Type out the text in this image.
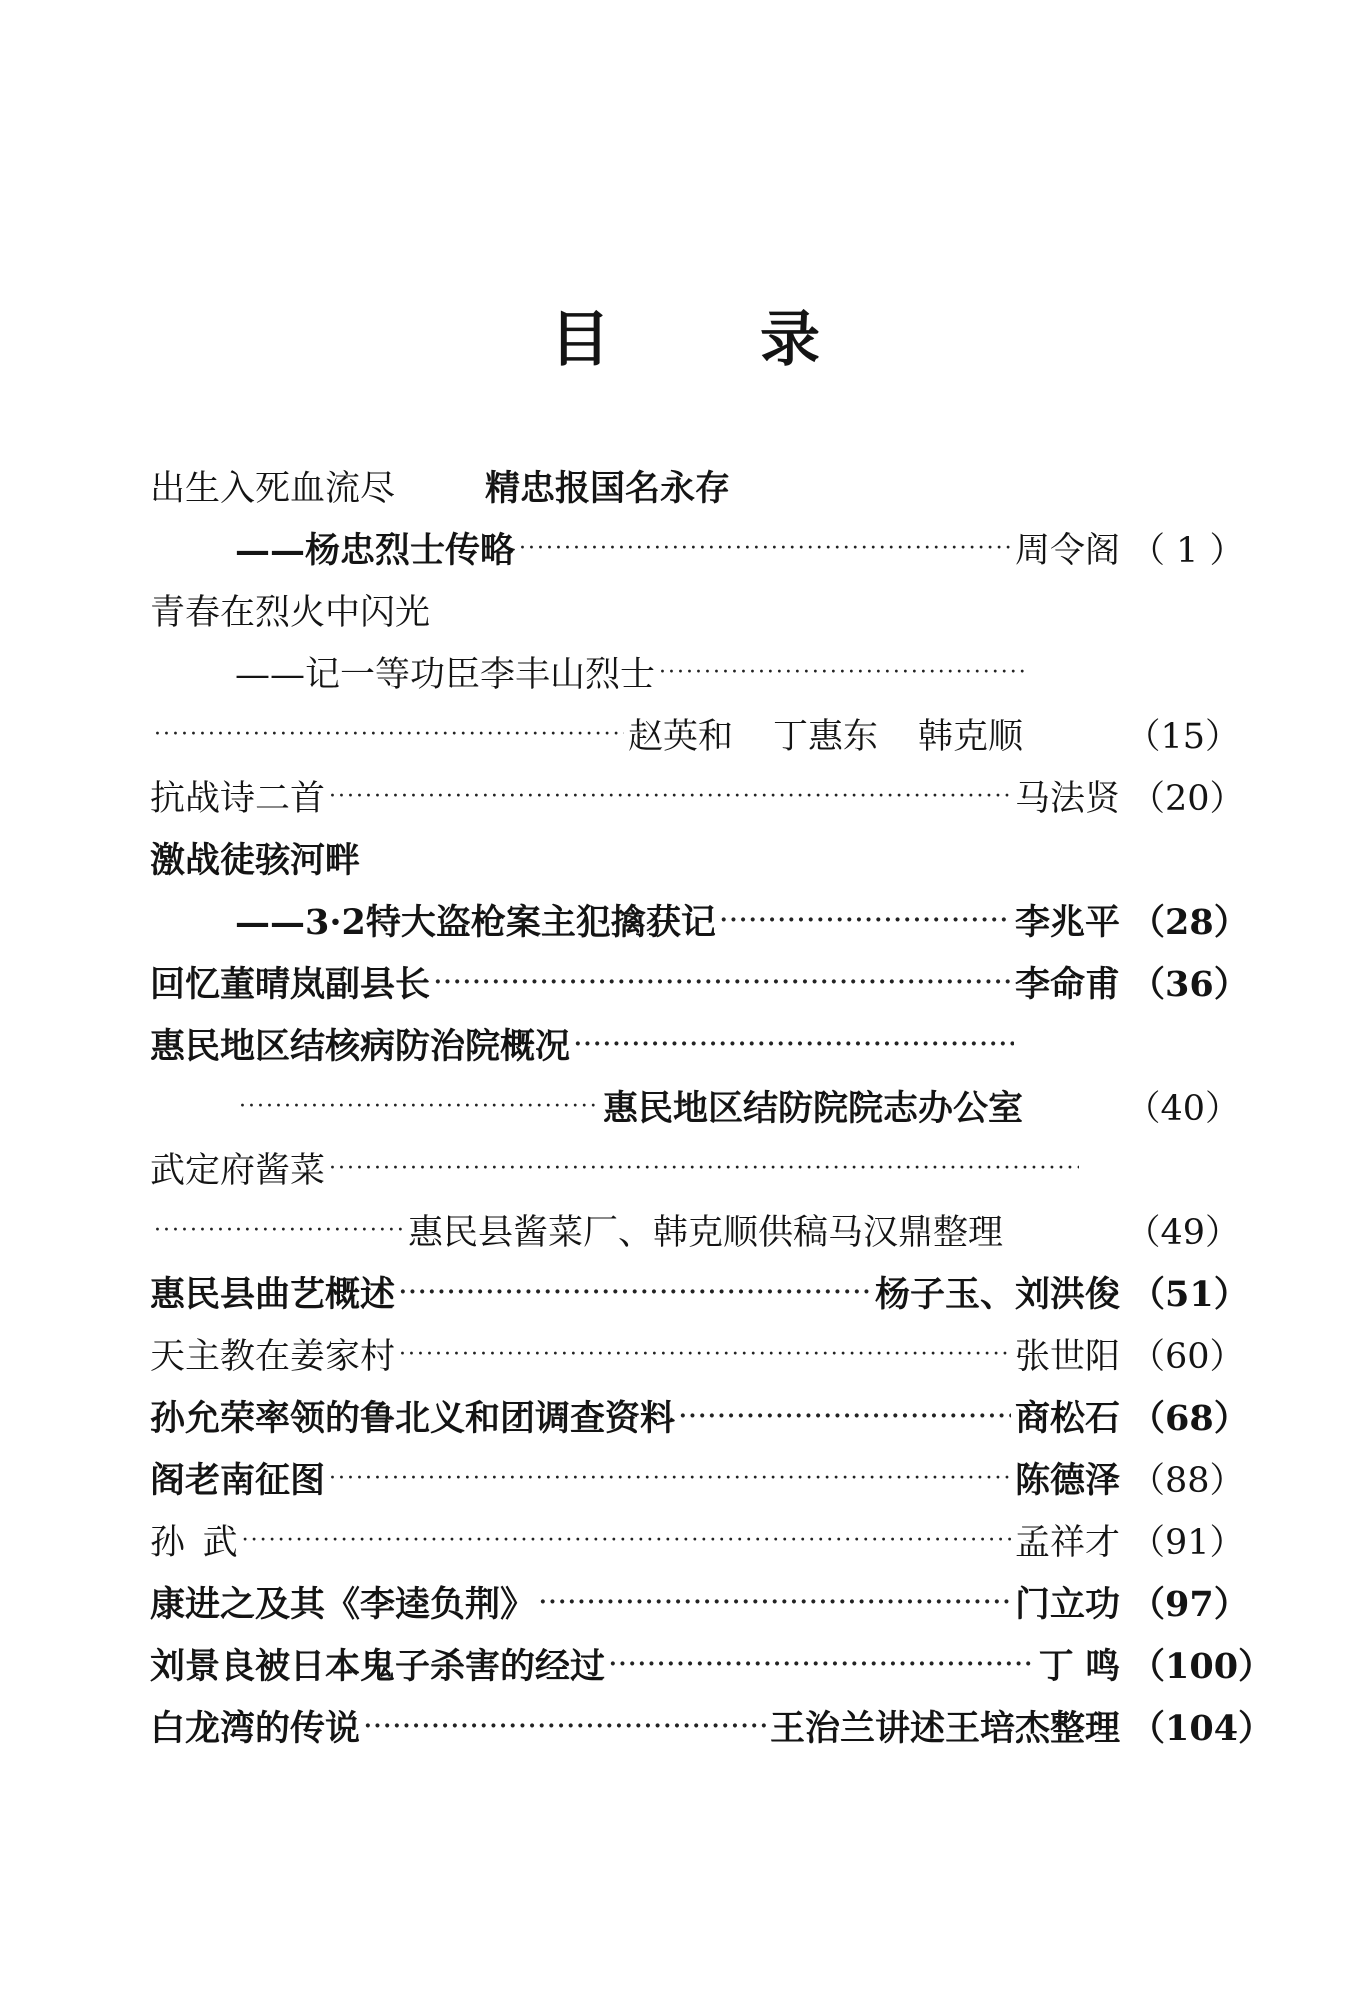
目	录
出生入死血流尽	精忠报国名永存
——杨忠烈士传略 ·····	周令阁 （ 1 ）
青春在烈火中闪光
——记一等功臣李丰山烈士
·····
·····
赵英和 丁惠东 韩克顺	（15）
抗战诗二首 ·····	马法贤 （20）
激战徒骇河畔
——3·2特大盗枪案主犯擒获记 ·····	李兆平 （28）
回忆董晴岚副县长 ·····	李命甫 （36）
惠民地区结核病防治院概况
·····
·····
惠民地区结防院院志办公室	（40）
武定府酱菜
·····
·····
惠民县酱菜厂、韩克顺供稿马汉鼎整理	（49）
惠民县曲艺概述 ·····	杨子玉、刘洪俊 （51）
天主教在姜家村 ·····	张世阳 （60）
孙允荣率领的鲁北义和团调查资料 ·····	商松石 （68）
阁老南征图 ·····	陈德泽 （88）
孙 武 ·····	孟祥才 （91）
康进之及其《李逵负荆》 ·····	门立功 （97）
刘景良被日本鬼子杀害的经过 ·····	丁 鸣 （100）
白龙湾的传说 ·····	王治兰讲述王培杰整理 （104）
